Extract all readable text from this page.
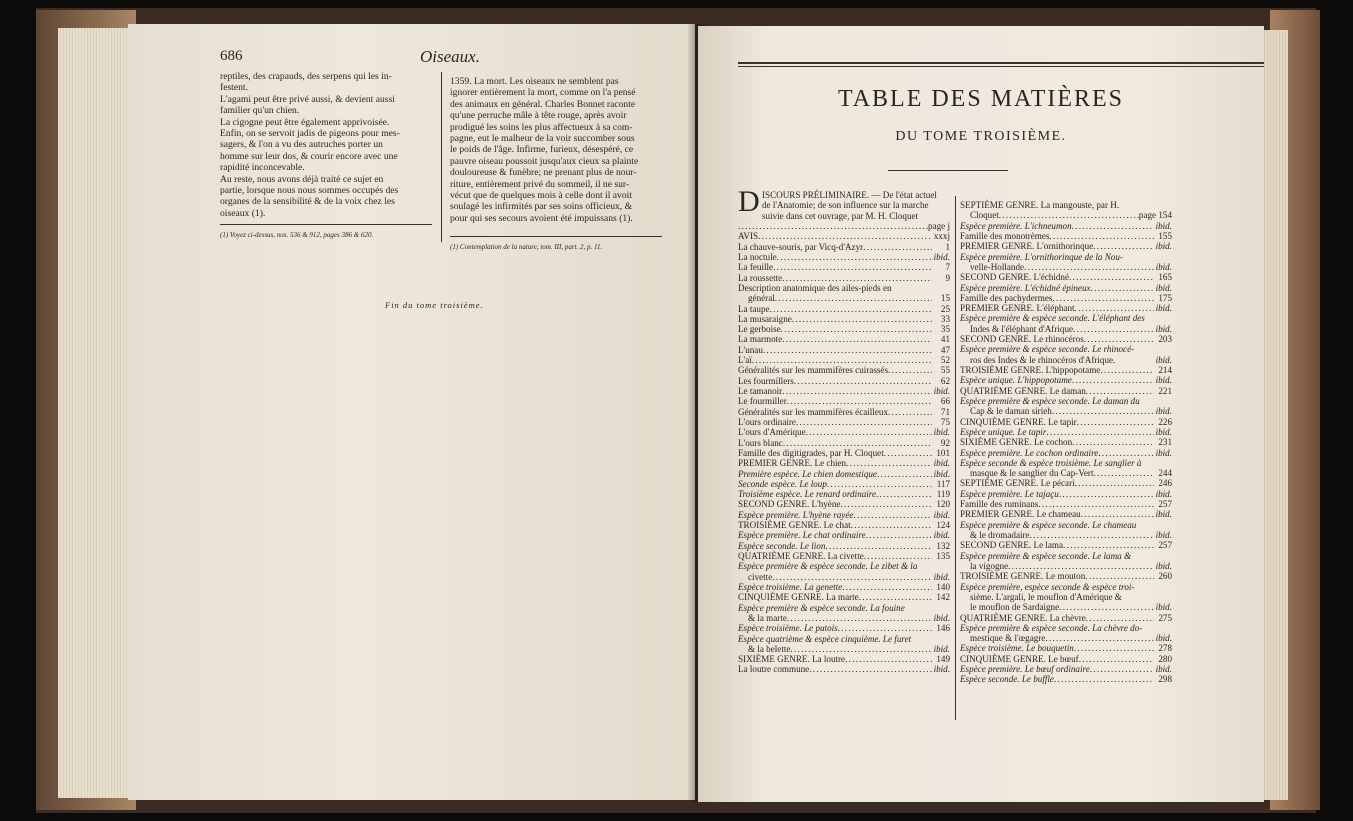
686	Oiseaux.

reptiles, des crapauds, des serpens qui les in-

festent.

L'agami peut être privé aussi, & devient aussi

familier qu'un chien.

La cigogne peut être également apprivoisée.

Enfin, on se servoit jadis de pigeons pour mes-

sagers, & l'on a vu des autruches porter un

homme sur leur dos, & courir encore avec une

rapidité inconcevable.

Au reste, nous avons déjà traité ce sujet en

partie, lorsque nous nous sommes occupés des

organes de la sensibilité & de la voix chez les

oiseaux (1).

1359. La mort. Les oiseaux ne semblent pas

ignorer entièrement la mort, comme on l'a pensé

des animaux en général. Charles Bonnet raconte

qu'une perruche mâle à tête rouge, après avoir

prodigué les soins les plus affectueux à sa com-

pagne, eut le malheur de la voir succomber sous

le poids de l'âge. Infirme, furieux, désespéré, ce

pauvre oiseau poussoit jusqu'aux cieux sa plainte

douloureuse & funèbre; ne prenant plus de nour-

riture, entièrement privé du sommeil, il ne sur-

vécut que de quelques mois à celle dont il avoit

soulagé les infirmités par ses soins officieux, &

pour qui ses secours avoient été impuissans (1).

(1) Voyez ci-dessus, nos. 536 & 912, pages 386 & 620.
(1) Contemplation de la nature, tom. III, part. 2, p. 11.
Fin du tome troisième.
TABLE DES MATIÈRES
DU TOME TROISIÈME.
D ISCOURS PRÉLIMINAIRE. — De l'état actuel

de l'Anatomie; de son influence sur la marche

suivie dans cet ouvrage, par M. H. Cloquet

. . .
page j
AVIS . . .	xxxj
La chauve-souris, par Vicq-d'Azyr . . .	1
La noctule . . .	ibid.
La feuille . . .	7
La roussette . . .	9
Description anatomique des ailes-pieds en
général . . .	15
La taupe . . .	25
La musaraigne . . .	33
Le gerboise . . .	35
La marmote . . .	41
L'unau . . .	47
L'aï . . .	52
Généralités sur les mammifères cuirassés . . .	55
Les fourmillers . . .	62
Le tamanoir . . .	ibid.
Le fourmiller . . .	66
Généralités sur les mammifères écailleux . . .	71
L'ours ordinaire . . .	75
L'ours d'Amérique . . .	ibid.
L'ours blanc . . .	92
Famille des digitigrades, par H. Cloquet . . .	101
PREMIER GENRE. Le chien . . .	ibid.
Première espèce. Le chien domestique . . .	ibid.
Seconde espèce. Le loup . . .	117
Troisième espèce. Le renard ordinaire . . .	119
SECOND GENRE. L'hyène . . .	120
Espèce première. L'hyène rayée . . .	ibid.
TROISIÈME GENRE. Le chat . . .	124
Espèce première. Le chat ordinaire . . .	ibid.
Espèce seconde. Le lion . . .	132
QUATRIÈME GENRE. La civette . . .	135
Espèce première & espèce seconde. Le zibet & la
civette . . .	ibid.
Espèce troisième. La genette . . .	140
CINQUIÈME GENRE. La marte . . .	142
Espèce première & espèce seconde. La fouine
& la marte . . .	ibid.
Espèce troisième. Le putois . . .	146
Espèce quatrième & espèce cinquième. Le furet
& la belette . . .	ibid.
SIXIÈME GENRE. La loutre . . .	149
La loutre commune . . .	ibid.
SEPTIÈME GENRE. La mangouste, par H.
Cloquet . . .	page 154
Espèce première. L'ichneumon . . .	ibid.
Famille des monotrèmes . . .	155
PREMIER GENRE. L'ornithorinque . . .	ibid.
Espèce première. L'ornithorinque de la Nou-
velle-Hollande . . .	ibid.
SECOND GENRE. L'échidné . . .	165
Espèce première. L'échidné épineux . . .	ibid.
Famille des pachydermes . . .	175
PREMIER GENRE. L'éléphant . . .	ibid.
Espèce première & espèce seconde. L'éléphant des
Indes & l'éléphant d'Afrique . . .	ibid.
SECOND GENRE. Le rhinocéros . . .	203
Espèce première & espèce seconde. Le rhinocé-
ros des Indes & le rhinocéros d'Afrique.	ibid.
TROISIÈME GENRE. L'hippopotame . . .	214
Espèce unique. L'hippopotame . . .	ibid.
QUATRIÈME GENRE. Le daman . . .	221
Espèce première & espèce seconde. Le daman du
Cap & le daman sirieh . . .	ibid.
CINQUIÈME GENRE. Le tapir . . .	226
Espèce unique. Le tapir . . .	ibid.
SIXIÈME GENRE. Le cochon . . .	231
Espèce première. Le cochon ordinaire . . .	ibid.
Espèce seconde & espèce troisième. Le sanglier à
masque & le sanglier du Cap-Vert . . .	244
SEPTIÈME GENRE. Le pécari . . .	246
Espèce première. Le tajaçu . . .	ibid.
Famille des ruminans . . .	257
PREMIER GENRE. Le chameau . . .	ibid.
Espèce première & espèce seconde. Le chameau
& le dromadaire . . .	ibid.
SECOND GENRE. Le lama . . .	257
Espèce première & espèce seconde. Le lama &
la vigogne . . .	ibid.
TROISIÈME GENRE. Le mouton . . .	260
Espèce première, espèce seconde & espèce troi-
sième. L'argali, le mouflon d'Amérique &
le mouflon de Sardaigne . . .	ibid.
QUATRIÈME GENRE. La chèvre . . .	275
Espèce première & espèce seconde. La chèvre do-
mestique & l'œgagre . . .	ibid.
Espèce troisième. Le bouquetin . . .	278
CINQUIÈME GENRE. Le bœuf . . .	280
Espèce première. Le bœuf ordinaire . . .	ibid.
Espèce seconde. Le buffle . . .	298
